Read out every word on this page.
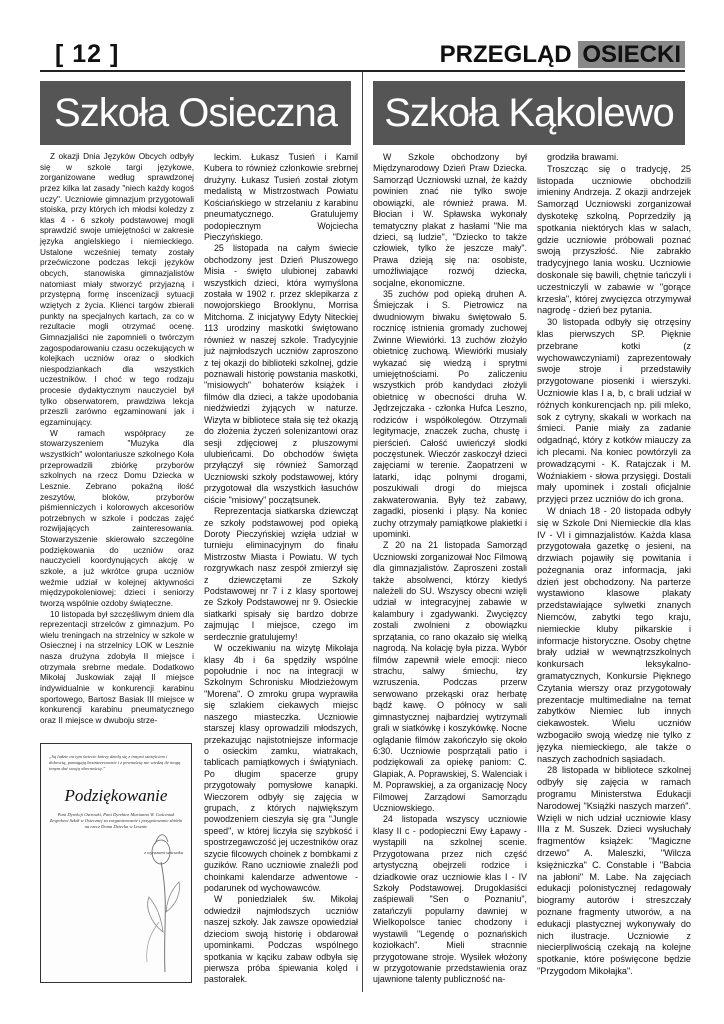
[ 12 ]	PRZEGLĄD OSIECKI
Szkoła Osieczna	Szkoła Kąkolewo

Z okazji Dnia Języków Obcych odbyły się w szkole targi językowe, zorganizowane według sprawdzonej przez kilka lat zasady "niech każdy kogoś uczy". Uczniowie gimnazjum przygotowali stoiska, przy których ich młodsi koledzy z klas 4 - 6 szkoły podstawowej mogli sprawdzić swoje umiejętności w zakresie języka angielskiego i niemieckiego. Ustalone wcześniej tematy zostały przećwiczone podczas lekcji języków obcych, stanowiska gimnazjalistów natomiast miały stworzyć przyjazną i przystępną formę inscenizacji sytuacji wziętych z życia. Klienci targów zbierali punkty na specjalnych kartach, za co w rezultacie mogli otrzymać ocenę. Gimnazjaliści nie zapomnieli o twórczym zagospodarowaniu czasu oczekujących w kolejkach uczniów oraz o słodkich niespodziankach dla wszystkich uczestników. I choć w tego rodzaju procesie dydaktycznym nauczyciel był tylko obserwatorem, prawdziwa lekcja przeszli zarówno egzaminowani jak i egzaminujący.

W ramach współpracy ze stowarzyszeniem "Muzyka dla wszystkich" wolontariusze szkolnego Koła przeprowadzili zbiórkę przyborów szkolnych na rzecz Domu Dziecka w Lesznie. Zebrano pokaźną ilość zeszytów, bloków, przyborów piśmienniczych i kolorowych akcesoriów potrzebnych w szkole i podczas zajęć rozwijających zainteresowania. Stowarzyszenie skierowało szczególne podziękowania do uczniów oraz nauczycieli koordynujących akcję w szkole, a już wkrótce grupa uczniów weźmie udział w kolejnej aktywności międzypokoleniowej: dzieci i seniorzy tworzą wspólnie ozdoby świąteczne.

10 listopada był szczęśliwym dniem dla reprezentacji strzelców z gimnazjum. Po wielu treningach na strzelnicy w szkole w Osiecznej i na strzelnicy LOK w Lesznie nasza drużyna zdobyła II miejsce i otrzymała srebrne medale. Dodatkowo Mikołaj Juskowiak zajął II miejsce indywidualnie w konkurencji karabinu sportowego, Bartosz Basiak III miejsce w konkurencji karabinu pneumatycznego oraz II miejsce w dwuboju strze-

leckim. Łukasz Tusień i Kamil Kubera to również członkowie srebrnej drużyny. Łukasz Tusień został złotym medalistą w Mistrzostwach Powiatu Kościańskiego w strzelaniu z karabinu pneumatycznego. Gratulujemy podopiecznym Wojciecha Pieczyńskiego.

25 listopada na całym świecie obchodzony jest Dzień Pluszowego Misia - święto ulubionej zabawki wszystkich dzieci, która wymyślona została w 1902 r. przez sklepikarza z nowojorskiego Brooklynu, Morrisa Mitchoma. Z inicjatywy Edyty Niteckiej 113 urodziny maskotki świętowano również w naszej szkole. Tradycyjnie już najmłodszych uczniów zaproszono z tej okazji do biblioteki szkolnej, gdzie poznawali historię powstania maskotki, "misiowych" bohaterów książek i filmów dla dzieci, a także upodobania niedźwiedzi żyjących w naturze. Wizyta w bibliotece stała się też okazją do złożenia życzeń solenizantowi oraz sesji zdjęciowej z pluszowymi ulubieńcami. Do obchodów święta przyłączył się również Samorząd Uczniowski szkoły podstawowej, który przygotował dla wszystkich łasuchów ciście "misiowy" początsunek.

Reprezentacja siatkarska dziewcząt ze szkoły podstawowej pod opieką Doroty Pieczyńskiej wzięła udział w turnieju eliminacyjnym do finału Mistrzostw Miasta i Powiatu. W tych rozgrywkach nasz zespół zmierzył się z dziewczętami ze Szkoły Podstawowej nr 7 i z klasy sportowej ze Szkoły Podstawowej nr 9. Osieckie siatkarki spisały się bardzo dobrze zajmując I miejsce, czego im serdecznie gratulujemy!

W oczekiwaniu na wizytę Mikołaja klasy 4b i 6a spędziły wspólne popołudnie i noc na integracji w Szkolnym Schronisku Młodzieżowym "Morena". O zmroku grupa wyprawiła się szlakiem ciekawych miejsc naszego miasteczka. Uczniowie starszej klasy oprowadzili młodszych, przekazując najistotniejsze informacje o osieckim zamku, wiatrakach, tablicach pamiątkowych i świątyniach. Po długim spacerze grupy przygotowały pomysłowe kanapki. Wieczorem odbyły się zajęcia w grupach, z których największym powodzeniem cieszyła się gra "Jungle speed", w której liczyła się szybkość i spostrzegawczość jej uczestników oraz szycie filcowych choinek z bombkami z guzików. Rano uczniowie znaleźli pod choinkami kalendarze adwentowe - podarunek od wychowawców.

W poniedziałek św. Mikołaj odwiedził najmłodszych uczniów naszej szkoły. Jak zawsze opowiedział dzieciom swoją historię i obdarował upominkami. Podczas wspólnego spotkania w kąciku zabaw odbyła się pierwsza próba śpiewania kolęd i pastorałek.

W Szkole obchodzony był Międzynarodowy Dzień Praw Dziecka. Samorząd Uczniowski uznał, że każdy powinien znać nie tylko swoje obowiązki, ale również prawa. M. Błocian i W. Spławska wykonały tematyczny plakat z hasłami "Nie ma dzieci, są ludzie", "Dziecko to także człowiek, tylko że jeszcze mały". Prawa dzieją się na: osobiste, umożliwiające rozwój dziecka, socjalne, ekonomiczne.

35 zuchów pod opieką druhen A. Śmiejczak i S. Pietrowicz na dwudniowym biwaku świętowało 5. rocznicę istnienia gromady zuchowej Zwinne Wiewiórki. 13 zuchów złożyło obietnicę zuchową. Wiewiórki musiały wykazać się wiedzą i sprytmi umiejętnościami. Po zaliczeniu wszystkich prób kandydaci złożyli obietnicę w obecności druha W. Jędrzejczaka - członka Hufca Leszno, rodziców i współkolegów. Otrzymali legitymacje, znaczek zucha, chustę i pierścień. Całość uwieńczył słodki poczęstunek. Wieczór zaskoczył dzieci zajęciami w terenie. Zaopatrzeni w latarki, idąc polnymi drogami, poszukiwali drogi do miejsca zakwaterowania. Były też zabawy, zagadki, piosenki i pląsy. Na koniec zuchy otrzymały pamiątkowe plakietki i upominki.

Z 20 na 21 listopada Samorząd Uczniowski zorganizował Noc Filmową dla gimnazjalistów. Zaproszeni zostali także absolwenci, którzy kiedyś należeli do SU. Wszyscy obecni wzięli udział w integracyjnej zabawie w kalambury i zgadywanki. Zwycięzcy zostali zwolnieni z obowiązku sprzątania, co rano okazało się wielką nagrodą. Na kolację była pizza. Wybór filmów zapewnił wiele emocji: nieco strachu, salwy śmiechu, łzy wzruszenia. Podczas przerw serwowano przekąski oraz herbatę bądź kawę. O północy w sali gimnastycznej najbardziej wytrzymali grali w siatkówkę i koszykówkę. Nocne oglądanie filmów zakończyło się około 6:30. Uczniowie posprzątali patio i podziękowali za opiekę paniom: C. Glapiak, A. Poprawskiej, S. Walenciak i M. Poprawskiej, a za organizację Nocy Filmowej Zarządowi Samorządu Uczniowskiego.

24 listopada wszyscy uczniowie klasy II c - podopieczni Ewy Łapawy - wystąpili na szkolnej scenie. Przygotowana przez nich część artystyczną obejrzeli rodzice i dziadkowie oraz uczniowie klas I - IV Szkoły Podstawowej. Drugoklasiści zaśpiewali "Sen o Poznaniu", zatańczyli popularny dawniej w Wielkopolsce taniec chodzony i wystawili "Legendę o poznańskich koziołkach". Mieli stracnnie przygotowane stroje. Wysiłek włożony w przygotowanie przedstawienia oraz ujawnione talenty publiczność na-

grodziła brawami.

Troszcząc się o tradycję, 25 listopada uczniowie obchodzili imieniny Andrzeja. Z okazji andrzejek Samorząd Uczniowski zorganizował dyskotekę szkolną. Poprzedziły ją spotkania niektórych klas w salach, gdzie uczniowie próbowali poznać swoją przyszłość. Nie zabrakło tradycyjnego lania wosku. Uczniowie doskonale się bawili, chętnie tańczyli i uczestniczyli w zabawie w "gorące krzesła", której zwycięzca otrzymywał nagrodę - dzień bez pytania.

30 listopada odbyły się otrzęsiny klas pierwszych SP. Pięknie przebrane kotki (z wychowawczyniami) zaprezentowały swoje stroje i przedstawiły przygotowane piosenki i wierszyki. Uczniowie klas I a, b, c brali udział w różnych konkurencjach np. pili mleko, sok z cytryny, skakali w workach na śmieci. Panie miały za zadanie odgadnąć, który z kotków miauczy za ich plecami. Na koniec powtórzyli za prowadzącymi - K. Ratajczak i M. Woźniakiem - słowa przysięgi. Dostali mały upominek i zostali oficjalnie przyjęci przez uczniów do ich grona.

W dniach 18 - 20 listopada odbyły się w Szkole Dni Niemieckie dla klas IV - VI i gimnazjalistów. Każda klasa przygotowała gazetkę o jesieni, na drzwiach pojawiły się powitania i pożegnania oraz informacja, jaki dzień jest obchodzony. Na parterze wystawiono klasowe plakaty przedstawiające sylwetki znanych Niemców, zabytki tego kraju, niemieckie kluby piłkarskie i informacje historyczne. Osoby chętne brały udział w wewnątrzszkolnych konkursach leksykalno-gramatycznych, Konkursie Pięknego Czytania wierszy oraz przygotowały prezentacje multimedialne na temat zabytków Niemiec lub innych ciekawostek. Wielu uczniów wzbogaciło swoją wiedzę nie tylko z języka niemieckiego, ale także o naszych zachodnich sąsiadach.

28 listopada w bibliotece szkolnej odbyły się zajęcia w ramach programu Ministerstwa Edukacji Narodowej "Książki naszych marzeń". Wzięli w nich udział uczniowie klasy IIIa z M. Suszek. Dzieci wysłuchały fragmentów książek: "Magiczne drzewo" A. Maleszki, "Wilcza księżniczka" C. Constable i "Babcia na jabłoni" M. Labe. Na zajęciach edukacji polonistycznej redagowały biogramy autorów i streszczały poznane fragmenty utworów, a na edukacji plastycznej wykonywały do nich ilustracje. Uczniowie z niecierpliwością czekają na kolejne spotkanie, które poświęcone będzie "Przygodom Mikołajka".

„Są ludzie na tym świecie którzy dzielą się z innymi szczęściem i dobrocią, pomagają bezinteresownie i z pewnością nie wiedzą ile mogą innym dać swoją obecnością.”
Podziękowanie
Pani Dyrekcji Ostrowki, Pani Dyrektor Marianna W. Gościniak Zespołowi Szkół w Osiecznej za zorganizowanie i przygotowanie zbiórki na rzecz Domu Dziecka w Lesznie
z wyrazami szacunku
